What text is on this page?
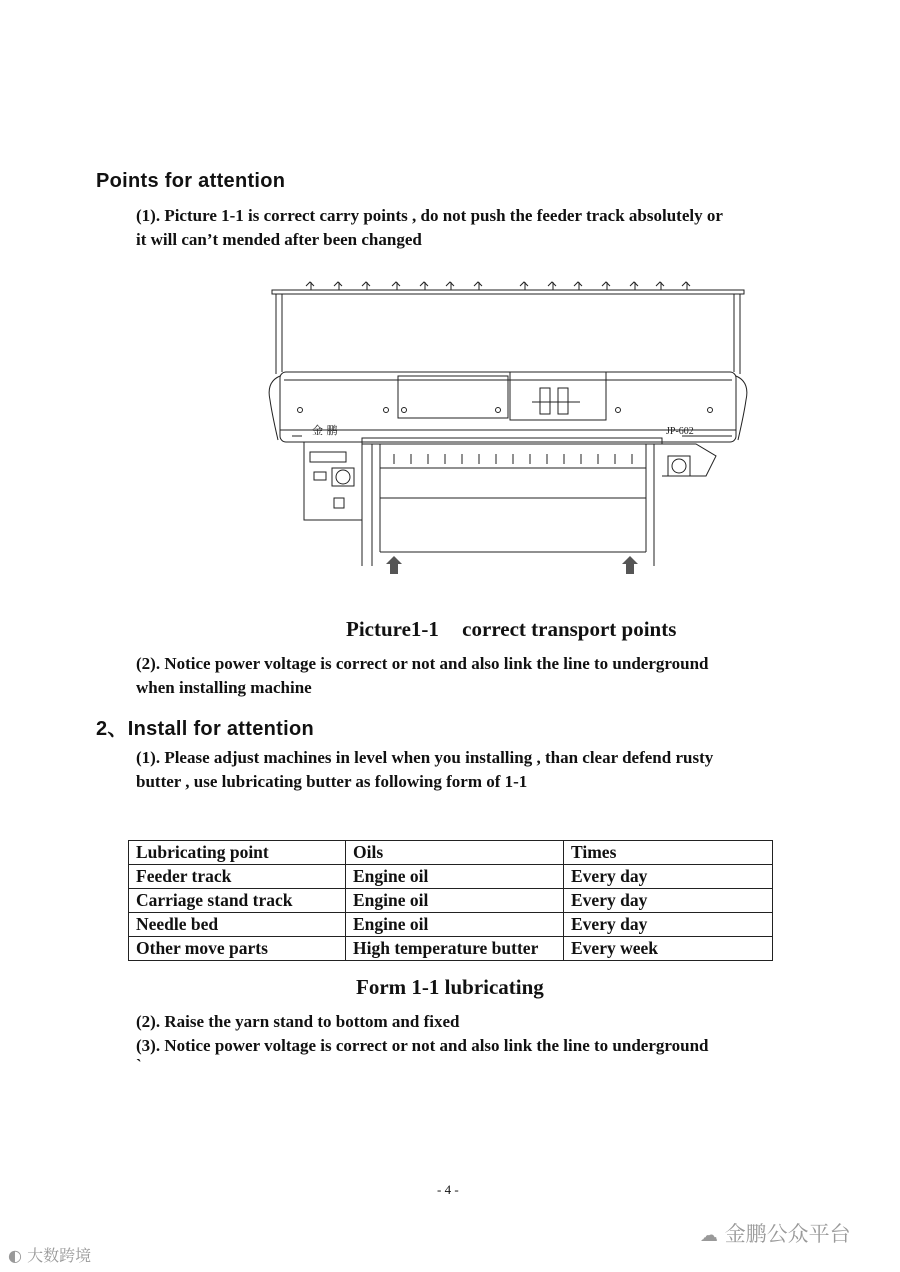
Points for attention
(1). Picture 1-1 is correct carry points , do not push the feeder track absolutely or
it will can’t mended after been changed
金 鹏	JP-602
Picture1-1 correct transport points
(2). Notice power voltage is correct or not and also link the line to underground
when installing machine
2、Install for attention
(1). Please adjust machines in level when you installing , than clear defend rusty
butter , use lubricating butter as following form of 1-1
Lubricating point	Oils	Times
Feeder track	Engine oil	Every day
Carriage stand track	Engine oil	Every day
Needle bed	Engine oil	Every day
Other move parts	High temperature butter	Every week
Form 1-1 lubricating
(2). Raise the yarn stand to bottom and fixed
(3). Notice power voltage is correct or not and also link the line to underground
`
- 4 -
☁ 金鹏公众平台
◐ 大数跨境
